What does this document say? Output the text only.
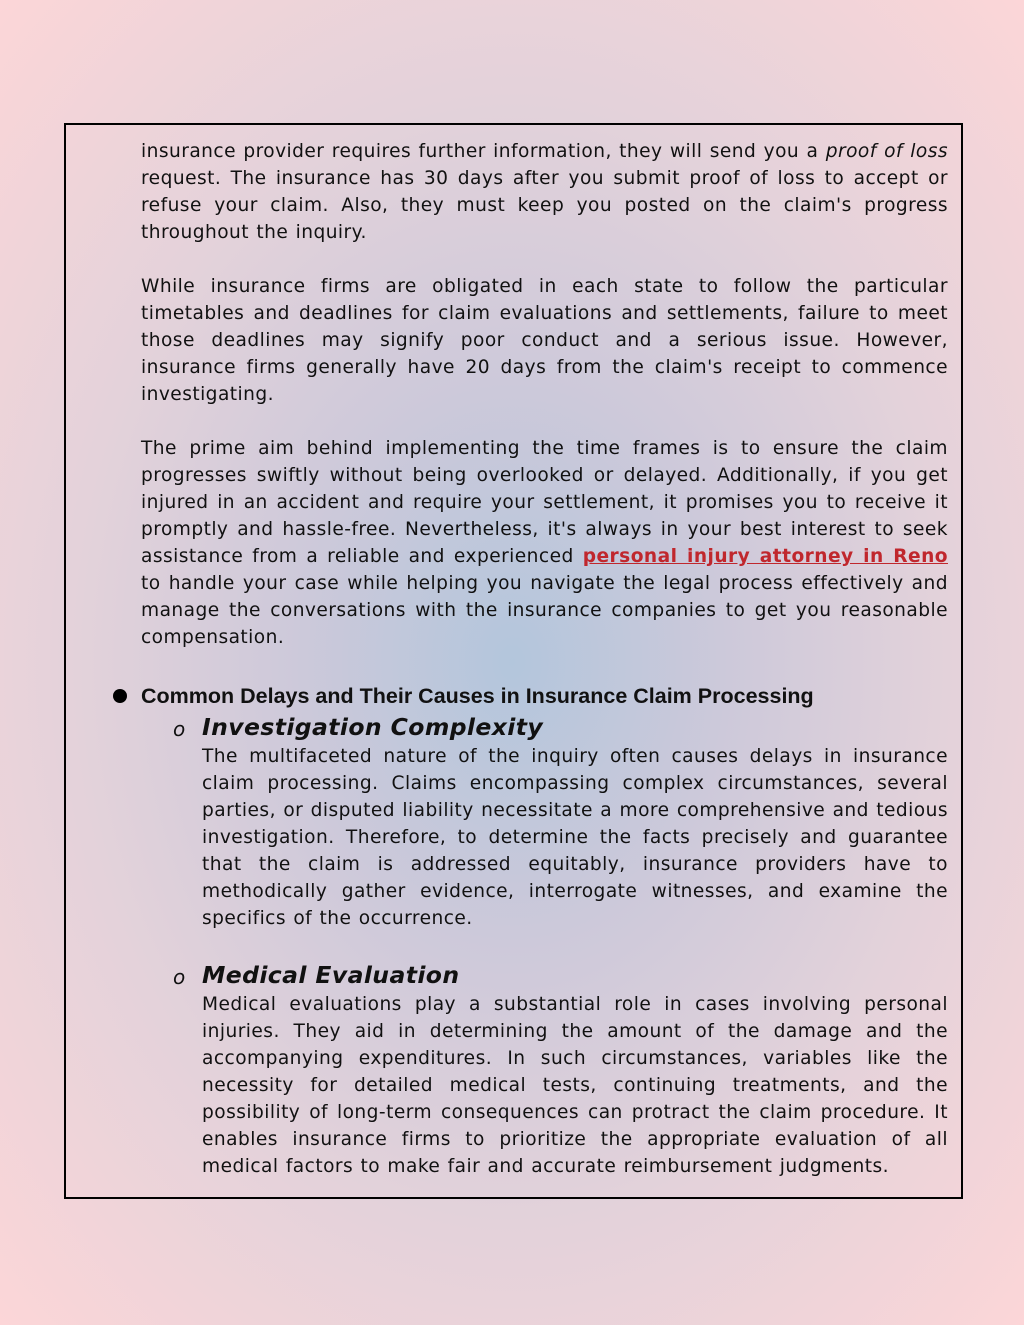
insurance provider requires further information, they will send you a proof of loss request. The insurance has 30 days after you submit proof of loss to accept or refuse your claim. Also, they must keep you posted on the claim's progress throughout the inquiry.

While insurance firms are obligated in each state to follow the particular timetables and deadlines for claim evaluations and settlements, failure to meet those deadlines may signify poor conduct and a serious issue. However, insurance firms generally have 20 days from the claim's receipt to commence investigating.

The prime aim behind implementing the time frames is to ensure the claim progresses swiftly without being overlooked or delayed. Additionally, if you get injured in an accident and require your settlement, it promises you to receive it promptly and hassle-free. Nevertheless, it's always in your best interest to seek assistance from a reliable and experienced personal injury attorney in Reno to handle your case while helping you navigate the legal process effectively and manage the conversations with the insurance companies to get you reasonable compensation.

Common Delays and Their Causes in Insurance Claim Processing
o Investigation Complexity

The multifaceted nature of the inquiry often causes delays in insurance claim processing. Claims encompassing complex circumstances, several parties, or disputed liability necessitate a more comprehensive and tedious investigation. Therefore, to determine the facts precisely and guarantee that the claim is addressed equitably, insurance providers have to methodically gather evidence, interrogate witnesses, and examine the specifics of the occurrence.

o Medical Evaluation

Medical evaluations play a substantial role in cases involving personal injuries. They aid in determining the amount of the damage and the accompanying expenditures. In such circumstances, variables like the necessity for detailed medical tests, continuing treatments, and the possibility of long-term consequences can protract the claim procedure. It enables insurance firms to prioritize the appropriate evaluation of all medical factors to make fair and accurate reimbursement judgments.
